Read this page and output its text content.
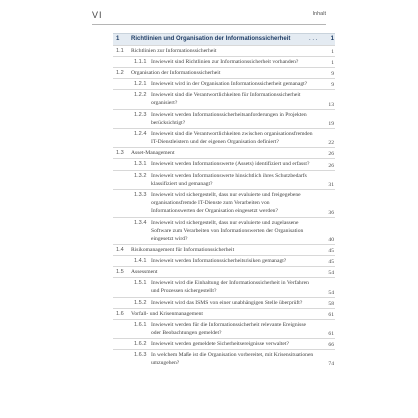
VI	Inhalt
1 Richtlinien und Organisation der Informationssicherheit	. . . 1
1.1 Richtlinien zur Informationssicherheit	1
1.1.1 Inwieweit sind Richtlinien zur Informationssicherheit vorhanden?	1
1.2 Organisation der Informationssicherheit	9
1.2.1 Inwieweit wird in der Organisation Informationssicherheit gemanagt?	9
1.2.2 Inwieweit sind die Verantwortlichkeiten für Informationssicherheit organisiert?	13
1.2.3 Inwieweit werden Informationssicherheitsanforderungen in Projekten berücksichtigt?	19
1.2.4 Inwieweit sind die Verantwortlichkeiten zwischen organisationsfremden IT-Dienstleistern und der eigenen Organisation definiert?	22
1.3 Asset-Management	26
1.3.1 Inwieweit werden Informationswerte (Assets) identifiziert und erfasst?	26
1.3.2 Inwieweit werden Informationswerte hinsichtlich ihres Schutzbedarfs klassifiziert und gemanagt?	31
1.3.3 Inwieweit wird sichergestellt, dass nur evaluierte und freigegebene organisationsfremde IT-Dienste zum Verarbeiten von Informationswerten der Organisation eingesetzt werden?	36
1.3.4 Inwieweit wird sichergestellt, dass nur evaluierte und zugelassene Software zum Verarbeiten von Informationswerten der Organisation eingesetzt wird?	40
1.4 Risikomanagement für Informationssicherheit	45
1.4.1 Inwieweit werden Informationssicherheitsrisiken gemanagt?	45
1.5 Assessment	54
1.5.1 Inwieweit wird die Einhaltung der Informationssicherheit in Verfahren und Prozessen sichergestellt?	54
1.5.2 Inwieweit wird das ISMS von einer unabhängigen Stelle überprüft?	58
1.6 Vorfall- und Krisenmanagement	61
1.6.1 Inwieweit werden für die Informationssicherheit relevante Ereignisse oder Beobachtungen gemeldet?	61
1.6.2 Inwieweit werden gemeldete Sicherheitsereignisse verwaltet?	66
1.6.3 In welchem Maße ist die Organisation vorbereitet, mit Krisensituationen umzugehen?	74
